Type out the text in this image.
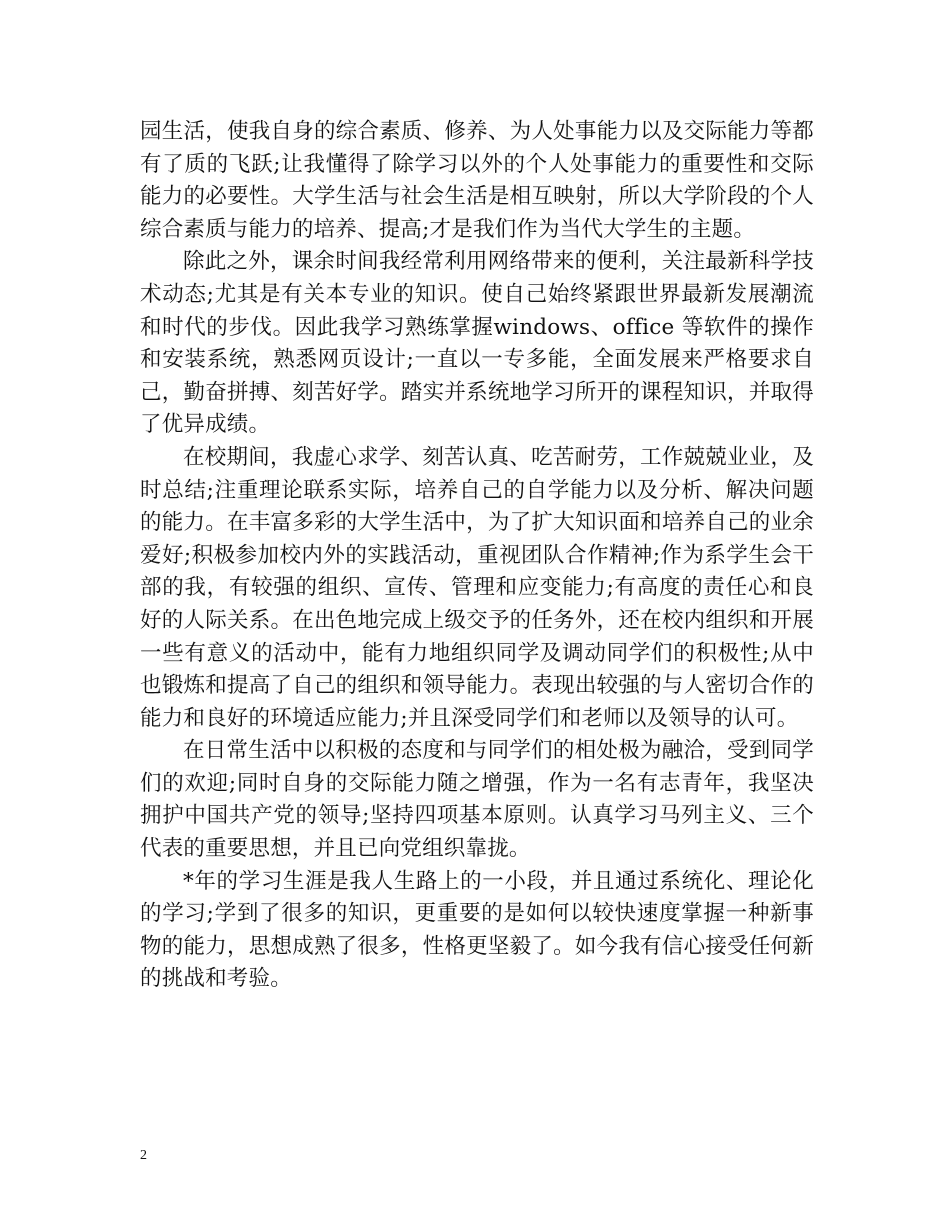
园生活，使我自身的综合素质、修养、为人处事能力以及交际能力等都有了质的飞跃;让我懂得了除学习以外的个人处事能力的重要性和交际能力的必要性。大学生活与社会生活是相互映射，所以大学阶段的个人综合素质与能力的培养、提高;才是我们作为当代大学生的主题。

除此之外，课余时间我经常利用网络带来的便利，关注最新科学技术动态;尤其是有关本专业的知识。使自己始终紧跟世界最新发展潮流和时代的步伐。因此我学习熟练掌握windows、office 等软件的操作和安装系统，熟悉网页设计;一直以一专多能，全面发展来严格要求自己，勤奋拼搏、刻苦好学。踏实并系统地学习所开的课程知识，并取得了优异成绩。

在校期间，我虚心求学、刻苦认真、吃苦耐劳，工作兢兢业业，及时总结;注重理论联系实际，培养自己的自学能力以及分析、解决问题的能力。在丰富多彩的大学生活中，为了扩大知识面和培养自己的业余爱好;积极参加校内外的实践活动，重视团队合作精神;作为系学生会干部的我，有较强的组织、宣传、管理和应变能力;有高度的责任心和良好的人际关系。在出色地完成上级交予的任务外，还在校内组织和开展一些有意义的活动中，能有力地组织同学及调动同学们的积极性;从中也锻炼和提高了自己的组织和领导能力。表现出较强的与人密切合作的能力和良好的环境适应能力;并且深受同学们和老师以及领导的认可。

在日常生活中以积极的态度和与同学们的相处极为融洽，受到同学们的欢迎;同时自身的交际能力随之增强，作为一名有志青年，我坚决拥护中国共产党的领导;坚持四项基本原则。认真学习马列主义、三个代表的重要思想，并且已向党组织靠拢。

*年的学习生涯是我人生路上的一小段，并且通过系统化、理论化的学习;学到了很多的知识，更重要的是如何以较快速度掌握一种新事物的能力，思想成熟了很多，性格更坚毅了。如今我有信心接受任何新的挑战和考验。

2
